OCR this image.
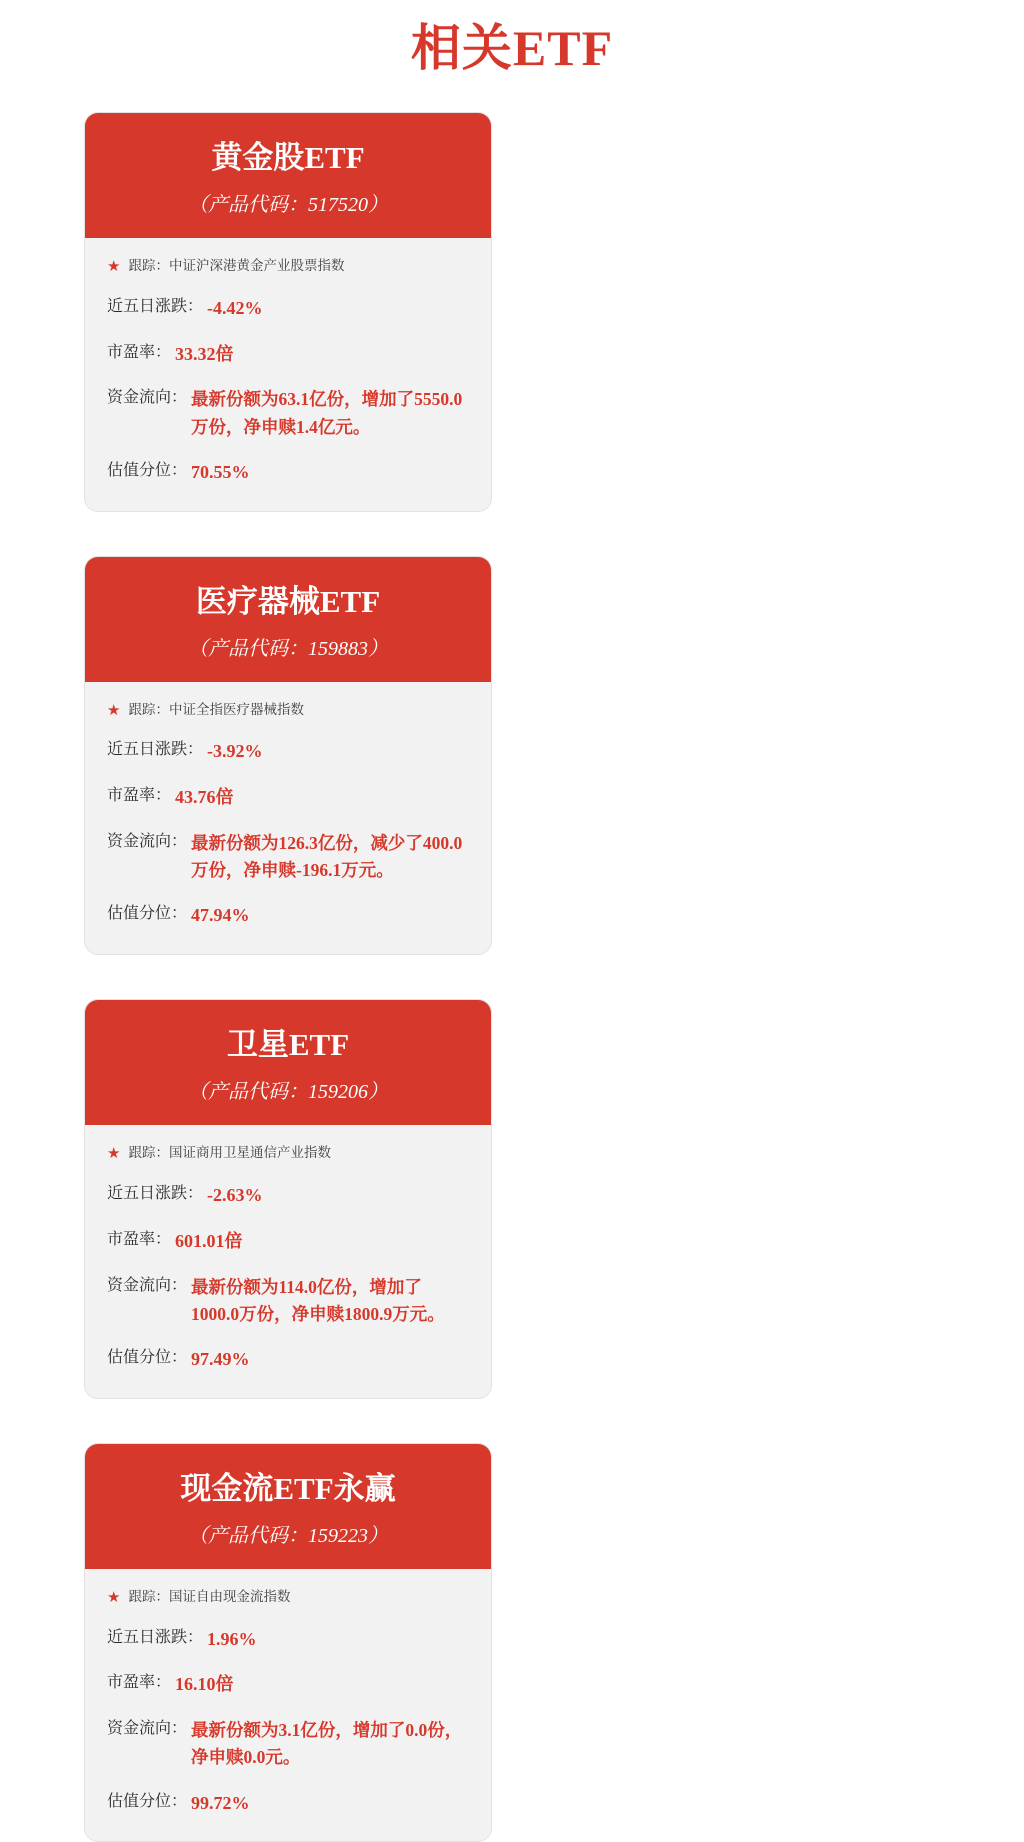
相关ETF
黄金股ETF
（产品代码：517520）
★ 跟踪：中证沪深港黄金产业股票指数
近五日涨跌： -4.42%
市盈率： 33.32倍
资金流向： 最新份额为63.1亿份，增加了5550.0万份，净申赎1.4亿元。
估值分位： 70.55%
医疗器械ETF
（产品代码：159883）
★ 跟踪：中证全指医疗器械指数
近五日涨跌： -3.92%
市盈率： 43.76倍
资金流向： 最新份额为126.3亿份，减少了400.0万份，净申赎-196.1万元。
估值分位： 47.94%
卫星ETF
（产品代码：159206）
★ 跟踪：国证商用卫星通信产业指数
近五日涨跌： -2.63%
市盈率： 601.01倍
资金流向： 最新份额为114.0亿份，增加了1000.0万份，净申赎1800.9万元。
估值分位： 97.49%
现金流ETF永赢
（产品代码：159223）
★ 跟踪：国证自由现金流指数
近五日涨跌： 1.96%
市盈率： 16.10倍
资金流向： 最新份额为3.1亿份，增加了0.0份，净申赎0.0元。
估值分位： 99.72%
